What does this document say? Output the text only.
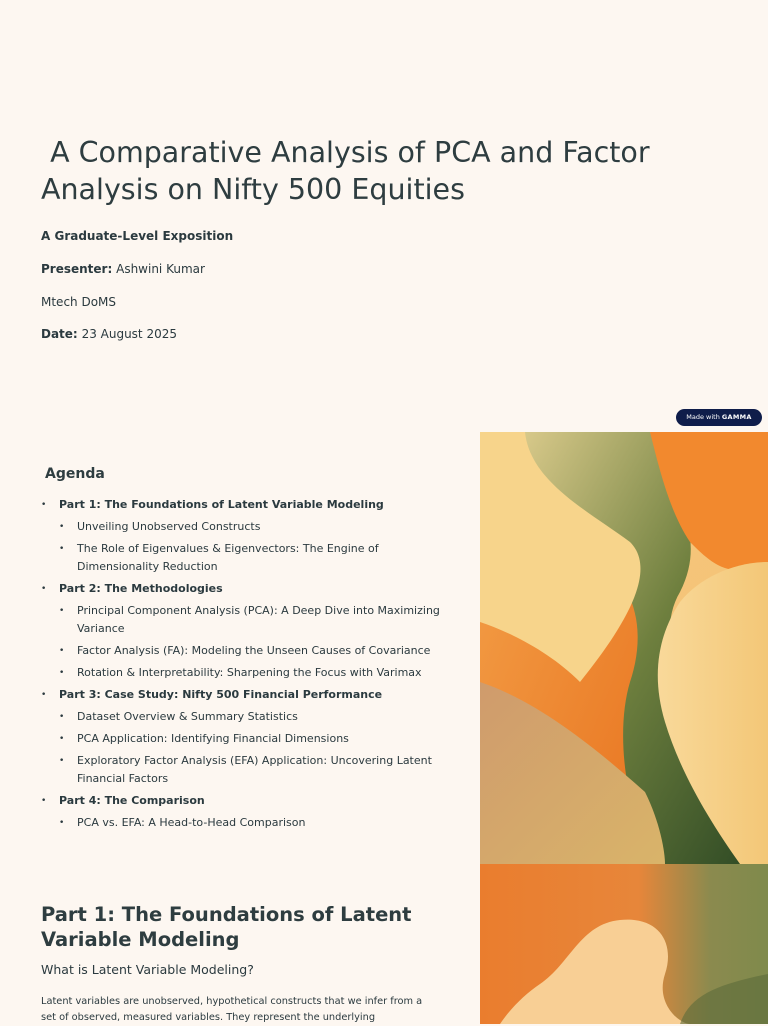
A Comparative Analysis of PCA and Factor Analysis on Nifty 500 Equities

A Graduate-Level Exposition

Presenter: Ashwini Kumar

Mtech DoMS

Date: 23 August 2025

Made with GAMMA
Agenda
• Part 1: The Foundations of Latent Variable Modeling
• Unveiling Unobserved Constructs
• The Role of Eigenvalues & Eigenvectors: The Engine of Dimensionality Reduction
• Part 2: The Methodologies
• Principal Component Analysis (PCA): A Deep Dive into Maximizing Variance
• Factor Analysis (FA): Modeling the Unseen Causes of Covariance
• Rotation & Interpretability: Sharpening the Focus with Varimax
• Part 3: Case Study: Nifty 500 Financial Performance
• Dataset Overview & Summary Statistics
• PCA Application: Identifying Financial Dimensions
• Exploratory Factor Analysis (EFA) Application: Uncovering Latent Financial Factors
• Part 4: The Comparison
• PCA vs. EFA: A Head-to-Head Comparison
Part 1: The Foundations of Latent Variable Modeling

What is Latent Variable Modeling?

Latent variables are unobserved, hypothetical constructs that we infer from a set of observed, measured variables. They represent the underlying
